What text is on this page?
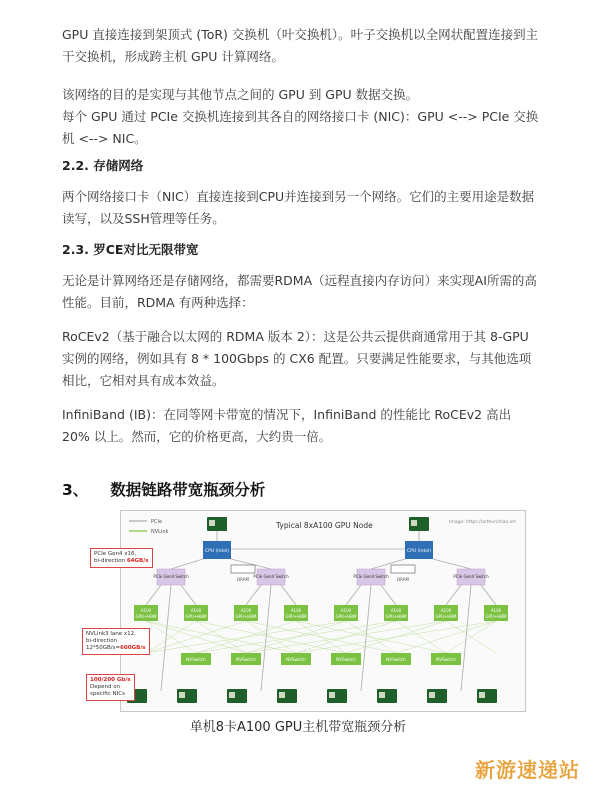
GPU 直接连接到架顶式 (ToR) 交换机（叶交换机）。叶子交换机以全网状配置连接到主干交换机，形成跨主机 GPU 计算网络。

该网络的目的是实现与其他节点之间的 GPU 到 GPU 数据交换。

每个 GPU 通过 PCIe 交换机连接到其各自的网络接口卡 (NIC)：GPU <--> PCIe 交换机 <--> NIC。

2.2. 存储网络

两个网络接口卡（NIC）直接连接到CPU并连接到另一个网络。它们的主要用途是数据读写，以及SSH管理等任务。

2.3. 罗CE对比无限带宽

无论是计算网络还是存储网络，都需要RDMA（远程直接内存访问）来实现AI所需的高性能。目前，RDMA 有两种选择：

RoCEv2（基于融合以太网的 RDMA 版本 2）：这是公共云提供商通常用于其 8-GPU 实例的网络，例如具有 8 * 100Gbps 的 CX6 配置。只要满足性能要求，与其他选项相比，它相对具有成本效益。

InfiniBand (IB)：在同等网卡带宽的情况下，InfiniBand 的性能比 RoCEv2 高出 20% 以上。然而，它的价格更高，大约贵一倍。

3、 数据链路带宽瓶颈分析
PCIe
NVLink
Typical 8xA100 GPU Node	Image: https://arthurchiao.art
CPU (Intel)	CPU (Intel)
DRAM	DRAM
PCIe Gen4 Switch	PCIe Gen4 Switch	PCIe Gen4 Switch	PCIe Gen4 Switch
A100
GPU+HBM
A100
GPU+HBM
A100
GPU+HBM
A100
GPU+HBM
A100
GPU+HBM
A100
GPU+HBM
A100
GPU+HBM
A100
GPU+HBM
NVSwitch	NVSwitch	NVSwitch	NVSwitch	NVSwitch	NVSwitch
PCIe Gen4 x16,
bi-direction 64GB/s
NVLink3 lane x12,
bi-direction
12*50GB/s=600GB/s
100/200 Gb/s
Depend on
specific NICs
单机8卡A100 GPU主机带宽瓶颈分析
新游速递站
